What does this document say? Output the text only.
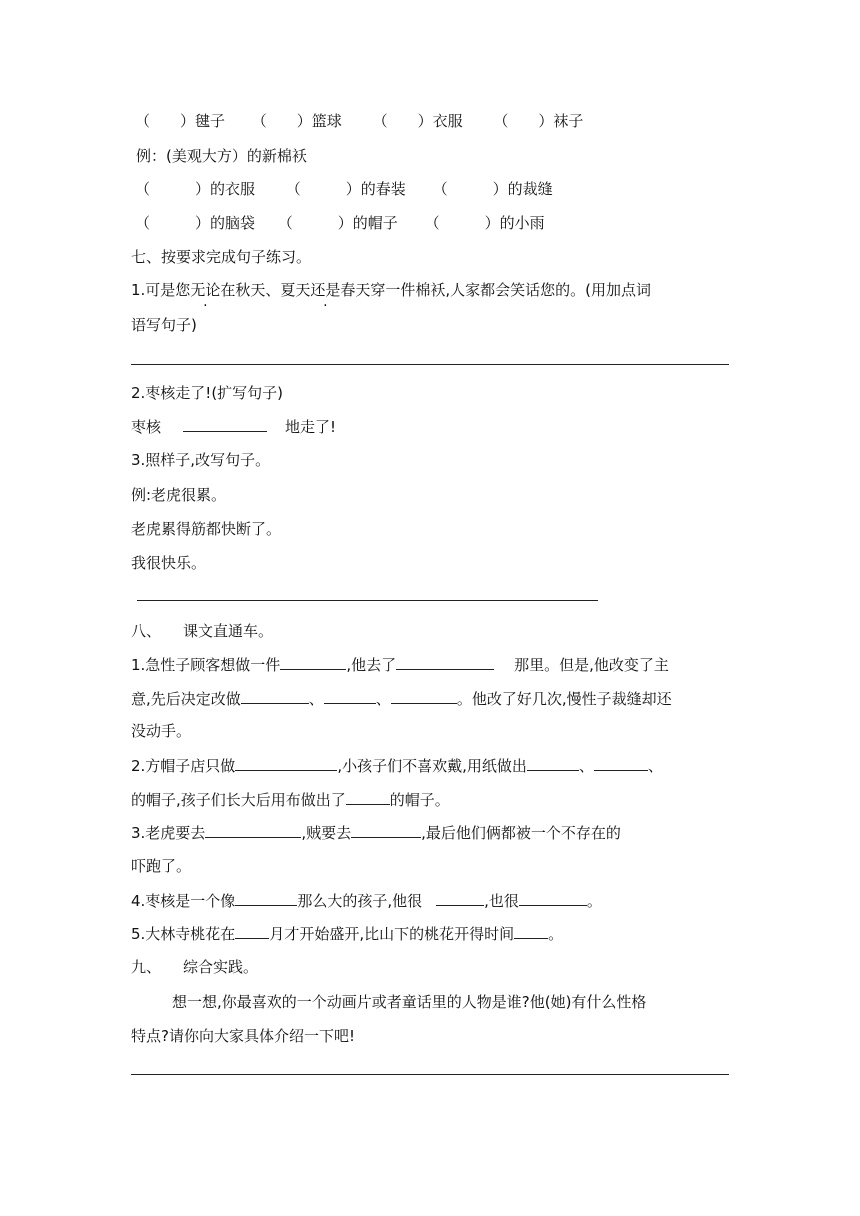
（　　）毽子 （　　）篮球 （　　）衣服 （　　）袜子
例：(美观大方）的新棉袄
（　　　）的衣服 （　　　）的春装 （　　　）的裁缝
（　　　）的脑袋 （　　　）的帽子 （　　　）的小雨
七、按要求完成句子练习。
1.可是您无论在秋天、夏天还是春天穿一件棉袄,人家都会笑话您的。(用加点词
语写句子)
2.枣核走了!(扩写句子)
枣核	地走了!
3.照样子,改写句子。
例:老虎很累。
老虎累得筋都快断了。
我很快乐。
八、 课文直通车。
1.急性子顾客想做一件	,他去了	那里。但是,他改变了主
意,先后决定改做	、	、	。他改了好几次,慢性子裁缝却还
没动手。
2.方帽子店只做	,小孩子们不喜欢戴,用纸做出	、	、
的帽子,孩子们长大后用布做出了	的帽子。
3.老虎要去	,贼要去	,最后他们俩都被一个不存在的
吓跑了。
4.枣核是一个像	那么大的孩子,他很	,也很	。
5.大林寺桃花在 月才开始盛开,比山下的桃花开得时间 。
九、 综合实践。
想一想,你最喜欢的一个动画片或者童话里的人物是谁?他(她)有什么性格
特点?请你向大家具体介绍一下吧!
